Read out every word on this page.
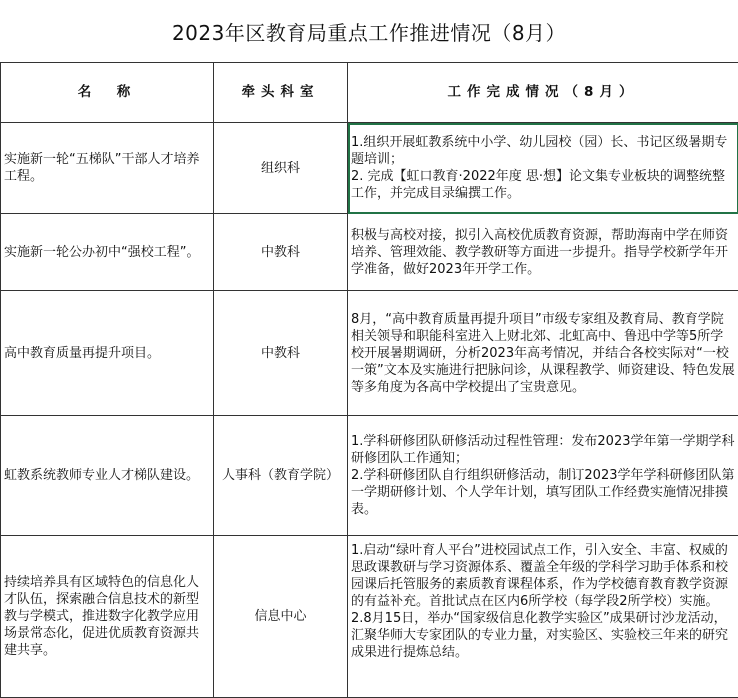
2023年区教育局重点工作推进情况（8月）
名　称	牵头科室	工作完成情况（8月）
实施新一轮“五梯队”干部人才培养工程。	组织科	1.组织开展虹教系统中小学、幼儿园校（园）长、书记区级暑期专题培训；
2. 完成【虹口教育·2022年度 思·想】论文集专业板块的调整统整工作，并完成目录编撰工作。

实施新一轮公办初中“强校工程”。	中教科	积极与高校对接，拟引入高校优质教育资源，帮助海南中学在师资培养、管理效能、教学教研等方面进一步提升。指导学校新学年开学准备，做好2023年开学工作。

高中教育质量再提升项目。	中教科	8月，“高中教育质量再提升项目”市级专家组及教育局、教育学院相关领导和职能科室进入上财北郊、北虹高中、鲁迅中学等5所学校开展暑期调研，分析2023年高考情况，并结合各校实际对“一校一策”文本及实施进行把脉问诊，从课程教学、师资建设、特色发展等多角度为各高中学校提出了宝贵意见。

虹教系统教师专业人才梯队建设。	人事科（教育学院）	1.学科研修团队研修活动过程性管理：发布2023学年第一学期学科研修团队工作通知；
2.学科研修团队自行组织研修活动，制订2023学年学科研修团队第一学期研修计划、个人学年计划，填写团队工作经费实施情况排摸表。

持续培养具有区域特色的信息化人才队伍，探索融合信息技术的新型教与学模式，推进数字化教学应用场景常态化，促进优质教育资源共建共享。	信息中心	1.启动“绿叶育人平台”进校园试点工作，引入安全、丰富、权威的思政课教研与学习资源体系、覆盖全年级的学科学习助手体系和校园课后托管服务的素质教育课程体系，作为学校德育教育教学资源的有益补充。首批试点在区内6所学校（每学段2所学校）实施。
2.8月15日，举办“国家级信息化教学实验区”成果研讨沙龙活动，汇聚华师大专家团队的专业力量，对实验区、实验校三年来的研究成果进行提炼总结。
